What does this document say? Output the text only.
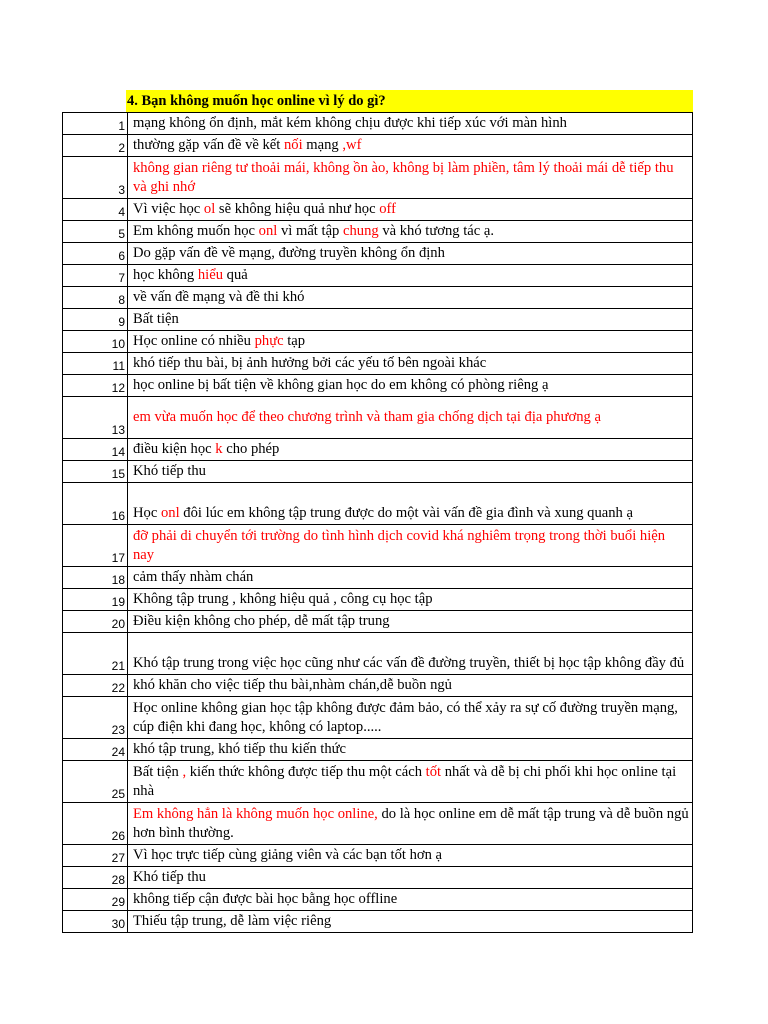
4. Bạn không muốn học online vì lý do gì?
1	mạng không ổn định, mắt kém không chịu được khi tiếp xúc với màn hình
2	thường gặp vấn đề về kết nối mạng ,wf
3	không gian riêng tư thoải mái, không ồn ào, không bị làm phiền, tâm lý thoải mái dễ tiếp thu và ghi nhớ
4	Vì việc học ol sẽ không hiệu quả như học off
5	Em không muốn học onl vì mất tập chung và khó tương tác ạ.
6	Do gặp vấn đề về mạng, đường truyền không ổn định
7	học không hiểu quả
8	về vấn đề mạng và đề thi khó
9	Bất tiện
10	Học online có nhiều phực tạp
11	khó tiếp thu bài, bị ảnh hưởng bởi các yếu tố bên ngoài khác
12	học online bị bất tiện về không gian học do em không có phòng riêng ạ
13	em vừa muốn học để theo chương trình và tham gia chống dịch tại địa phương ạ
14	điều kiện học k cho phép
15	Khó tiếp thu
16	Học onl đôi lúc em không tập trung được do một vài vấn đề gia đình và xung quanh ạ
17	đỡ phải di chuyển tới trường do tình hình dịch covid khá nghiêm trọng trong thời buổi hiện nay
18	cảm thấy nhàm chán
19	Không tập trung , không hiệu quả , công cụ học tập
20	Điều kiện không cho phép, dễ mất tập trung
21	Khó tập trung trong việc học cũng như các vấn đề đường truyền, thiết bị học tập không đầy đủ
22	khó khăn cho việc tiếp thu bài,nhàm chán,dễ buồn ngủ
23	Học online không gian học tập không được đảm bảo, có thể xảy ra sự cố đường truyền mạng, cúp điện khi đang học, không có laptop.....
24	khó tập trung, khó tiếp thu kiến thức
25	Bất tiện , kiến thức không được tiếp thu một cách tốt nhất và dễ bị chi phối khi học online tại nhà
26	Em không hẳn là không muốn học online, do là học online em dễ mất tập trung và dễ buồn ngủ hơn bình thường.
27	Vì học trực tiếp cùng giảng viên và các bạn tốt hơn ạ
28	Khó tiếp thu
29	không tiếp cận được bài học bằng học offline
30	Thiếu tập trung, dễ làm việc riêng
